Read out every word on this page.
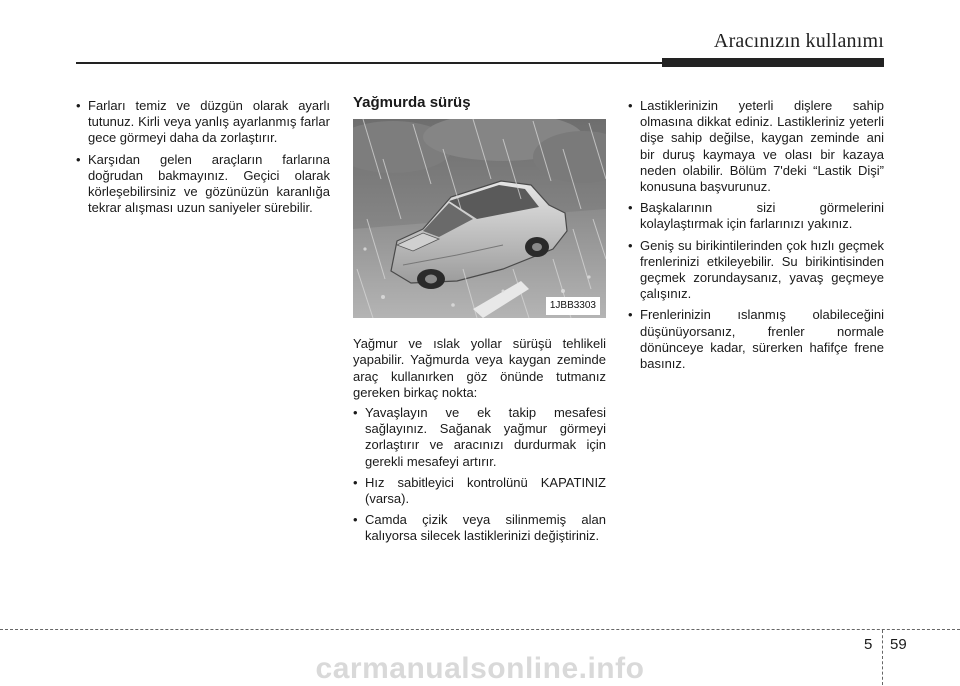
Aracınızın kullanımı
• Farları temiz ve düzgün olarak ayarlı tutunuz. Kirli veya yanlış ayarlanmış farlar gece görmeyi daha da zorlaştırır.
• Karşıdan gelen araçların farlarına doğrudan bakmayınız. Geçici olarak körleşebilirsiniz ve gözünüzün karanlığa tekrar alışması uzun saniyeler sürebilir.
Yağmurda sürüş
1JBB3303
Yağmur ve ıslak yollar sürüşü tehlikeli yapabilir. Yağmurda veya kaygan zeminde araç kullanırken göz önünde tutmanız gereken birkaç nokta:
• Yavaşlayın ve ek takip mesafesi sağlayınız. Sağanak yağmur görmeyi zorlaştırır ve aracınızı durdurmak için gerekli mesafeyi artırır.
• Hız sabitleyici kontrolünü KAPATINIZ (varsa).
• Camda çizik veya silinmemiş alan kalıyorsa silecek lastiklerinizi değiştiriniz.
• Lastiklerinizin yeterli dişlere sahip olmasına dikkat ediniz. Lastikleriniz yeterli dişe sahip değilse, kaygan zeminde ani bir duruş kaymaya ve olası bir kazaya neden olabilir. Bölüm 7'deki “Lastik Dişi” konusuna başvurunuz.
• Başkalarının sizi görmelerini kolaylaştırmak için farlarınızı yakınız.
• Geniş su birikintilerinden çok hızlı geçmek frenlerinizi etkileyebilir. Su birikintisinden geçmek zorundaysanız, yavaş geçmeye çalışınız.
• Frenlerinizin ıslanmış olabileceğini düşünüyorsanız, frenler normale dönünceye kadar, sürerken hafifçe frene basınız.
5 59
carmanualsonline.info
